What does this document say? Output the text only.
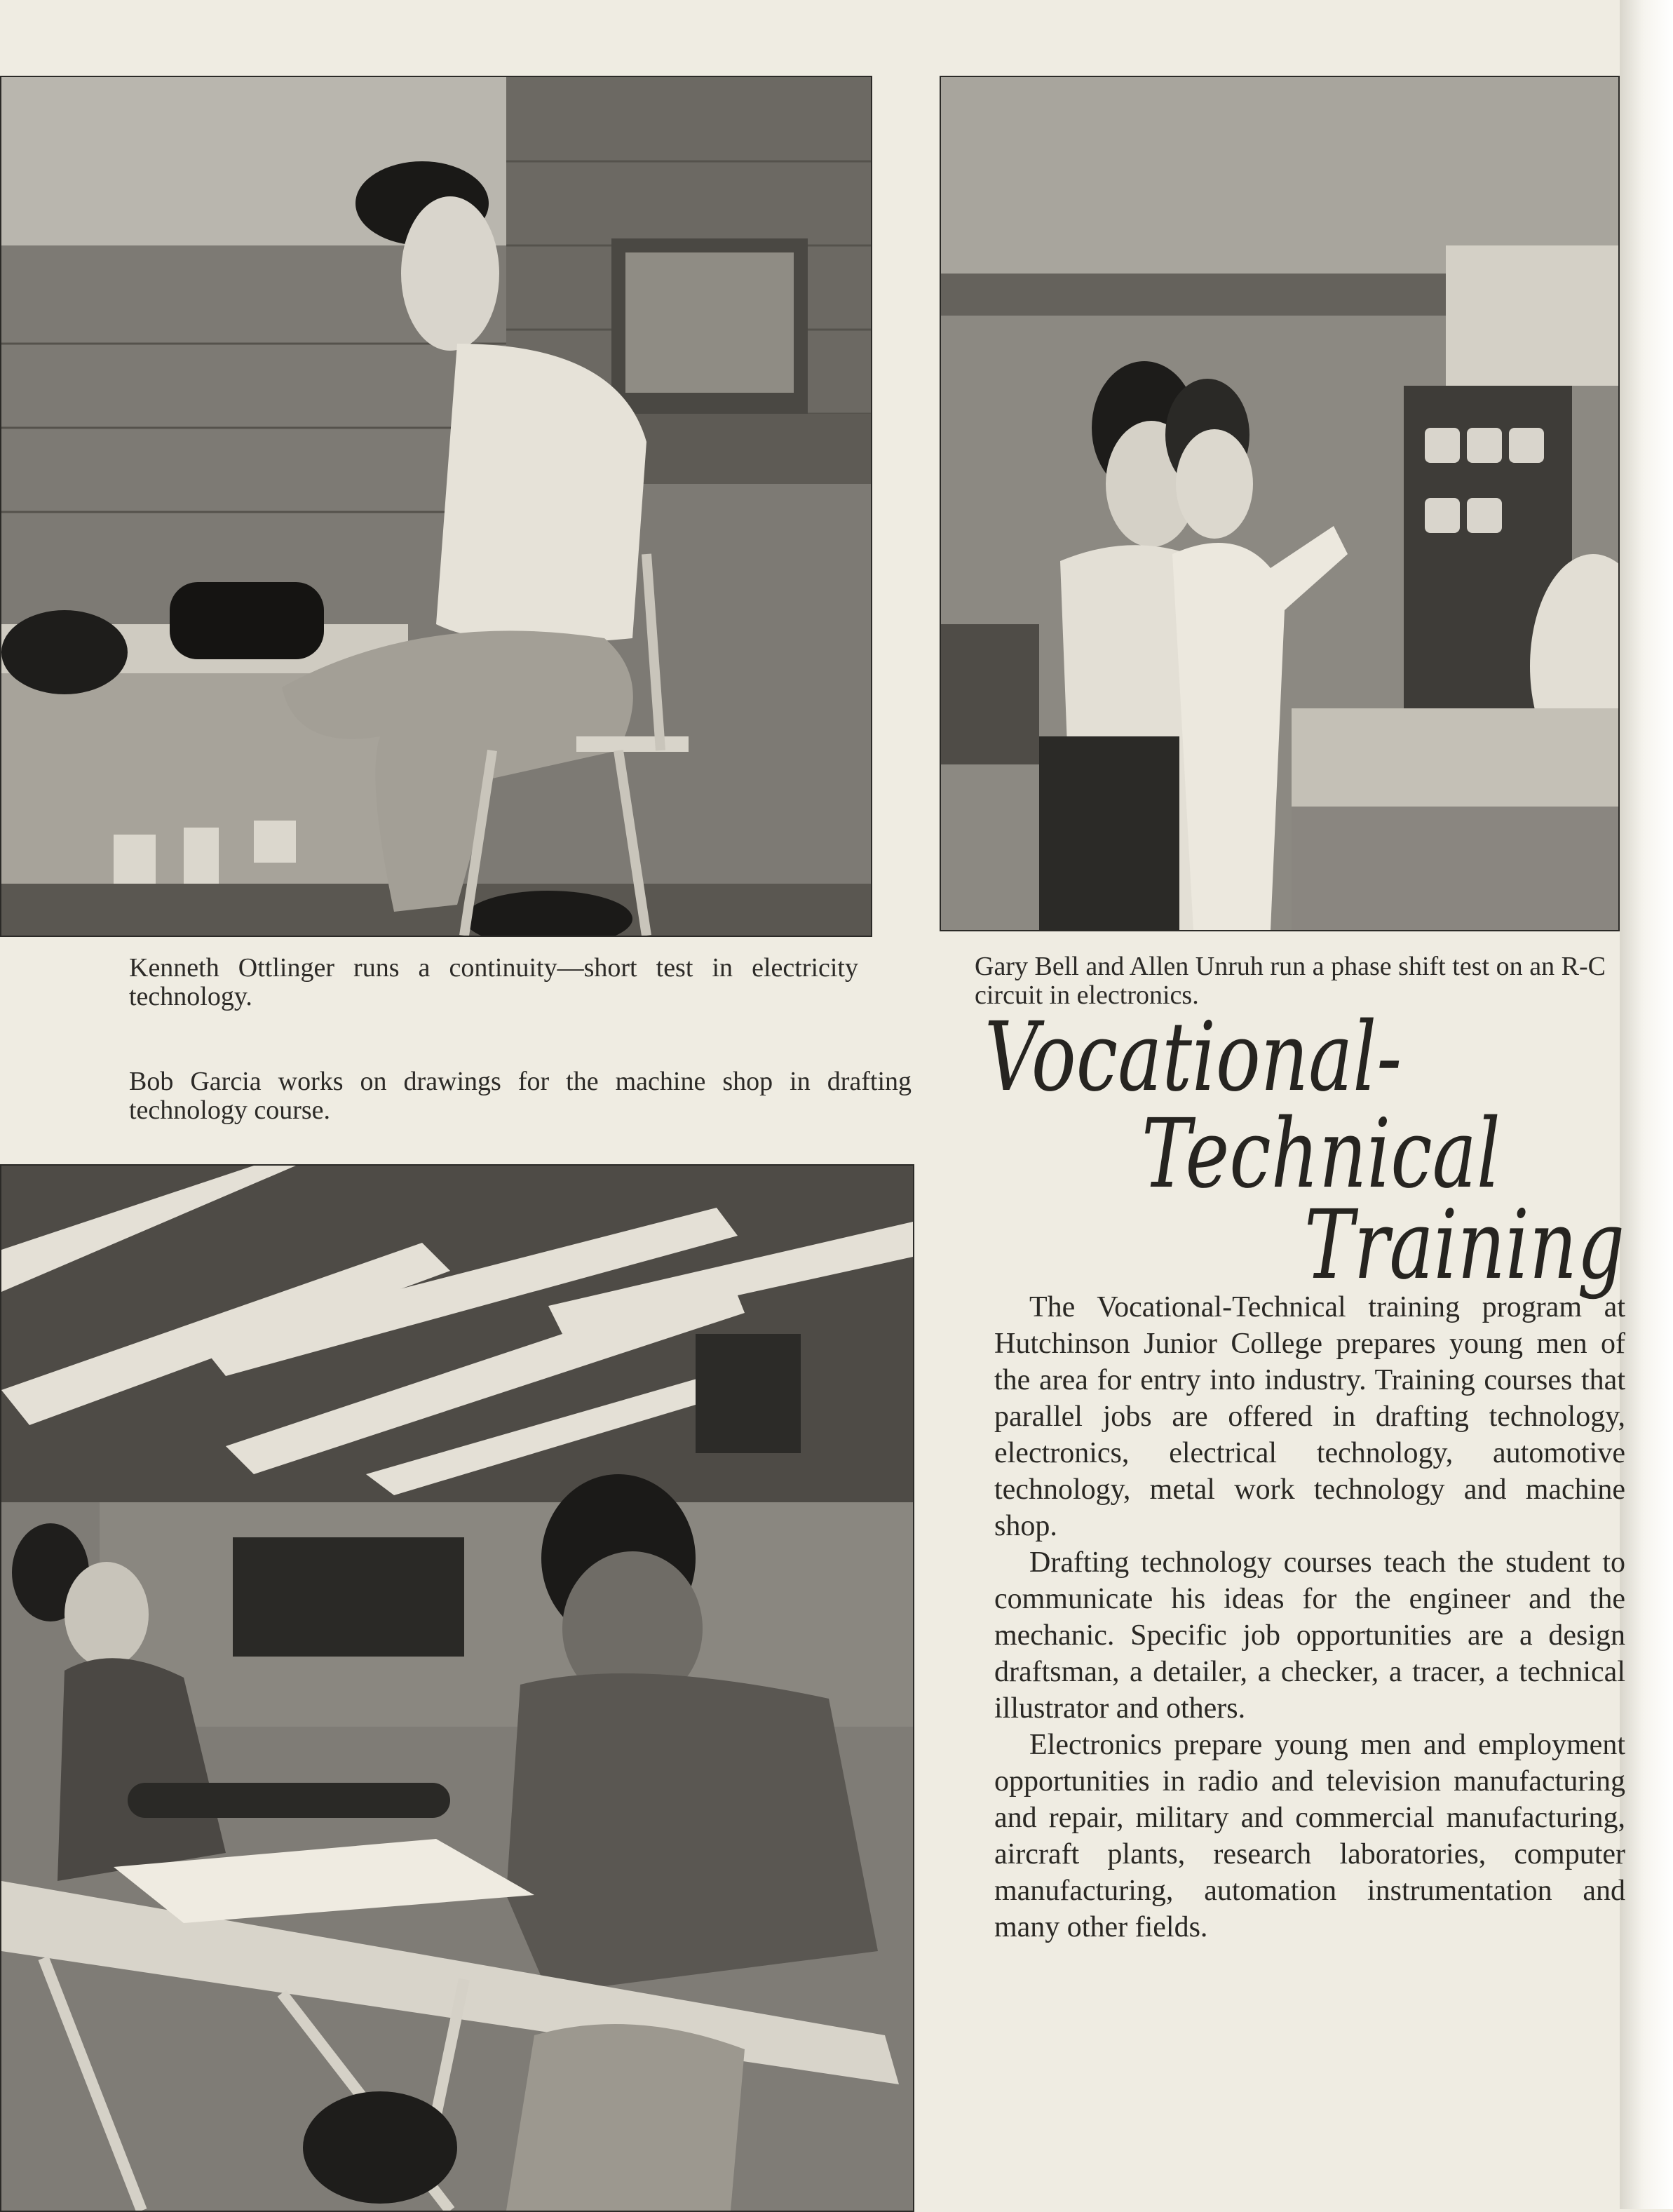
Kenneth Ottlinger runs a continuity—short test in electricity technology.

Gary Bell and Allen Unruh run a phase shift test on an R-C circuit in electronics.

Bob Garcia works on drawings for the machine shop in drafting technology course.	Vocational-
Technical
Training

The Vocational-Technical training program at Hutchinson Junior College prepares young men of the area for entry into industry. Training courses that parallel jobs are offered in drafting technology, electronics, electrical technology, automotive technology, metal work technology and machine shop.

Drafting technology courses teach the student to communicate his ideas for the engineer and the mechanic. Specific job opportunities are a design draftsman, a detailer, a checker, a tracer, a technical illustrator and others.

Electronics prepare young men and employment opportunities in radio and television manufacturing and repair, military and commercial manufacturing, aircraft plants, research laboratories, computer manufacturing, automation instrumentation and many other fields.
